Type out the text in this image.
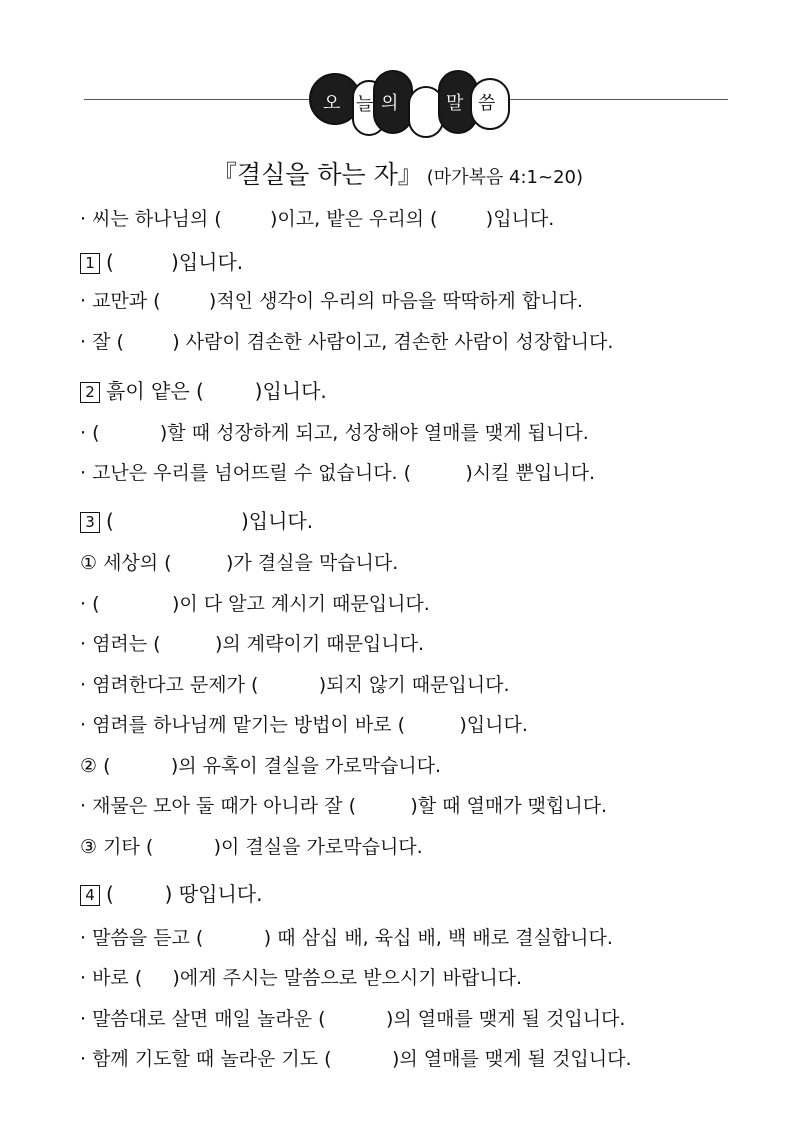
오 늘 의	말 씀
『결실을 하는 자』 (마가복음 4:1~20)
· 씨는 하나님의 (        )이고, 밭은 우리의 (        )입니다.
1 (         )입니다.
· 교만과 (        )적인 생각이 우리의 마음을 딱딱하게 합니다.
· 잘 (        ) 사람이 겸손한 사람이고, 겸손한 사람이 성장합니다.
2 흙이 얕은 (        )입니다.
· (          )할 때 성장하게 되고, 성장해야 열매를 맺게 됩니다.
· 고난은 우리를 넘어뜨릴 수 없습니다. (         )시킬 뿐입니다.
3 (                    )입니다.
① 세상의 (         )가 결실을 막습니다.
· (            )이 다 알고 계시기 때문입니다.
· 염려는 (         )의 계략이기 때문입니다.
· 염려한다고 문제가 (          )되지 않기 때문입니다.
· 염려를 하나님께 맡기는 방법이 바로 (         )입니다.
② (          )의 유혹이 결실을 가로막습니다.
· 재물은 모아 둘 때가 아니라 잘 (         )할 때 열매가 맺힙니다.
③ 기타 (          )이 결실을 가로막습니다.
4 (        ) 땅입니다.
· 말씀을 듣고 (          ) 때 삼십 배, 육십 배, 백 배로 결실합니다.
· 바로 (     )에게 주시는 말씀으로 받으시기 바랍니다.
· 말씀대로 살면 매일 놀라운 (          )의 열매를 맺게 될 것입니다.
· 함께 기도할 때 놀라운 기도 (          )의 열매를 맺게 될 것입니다.
